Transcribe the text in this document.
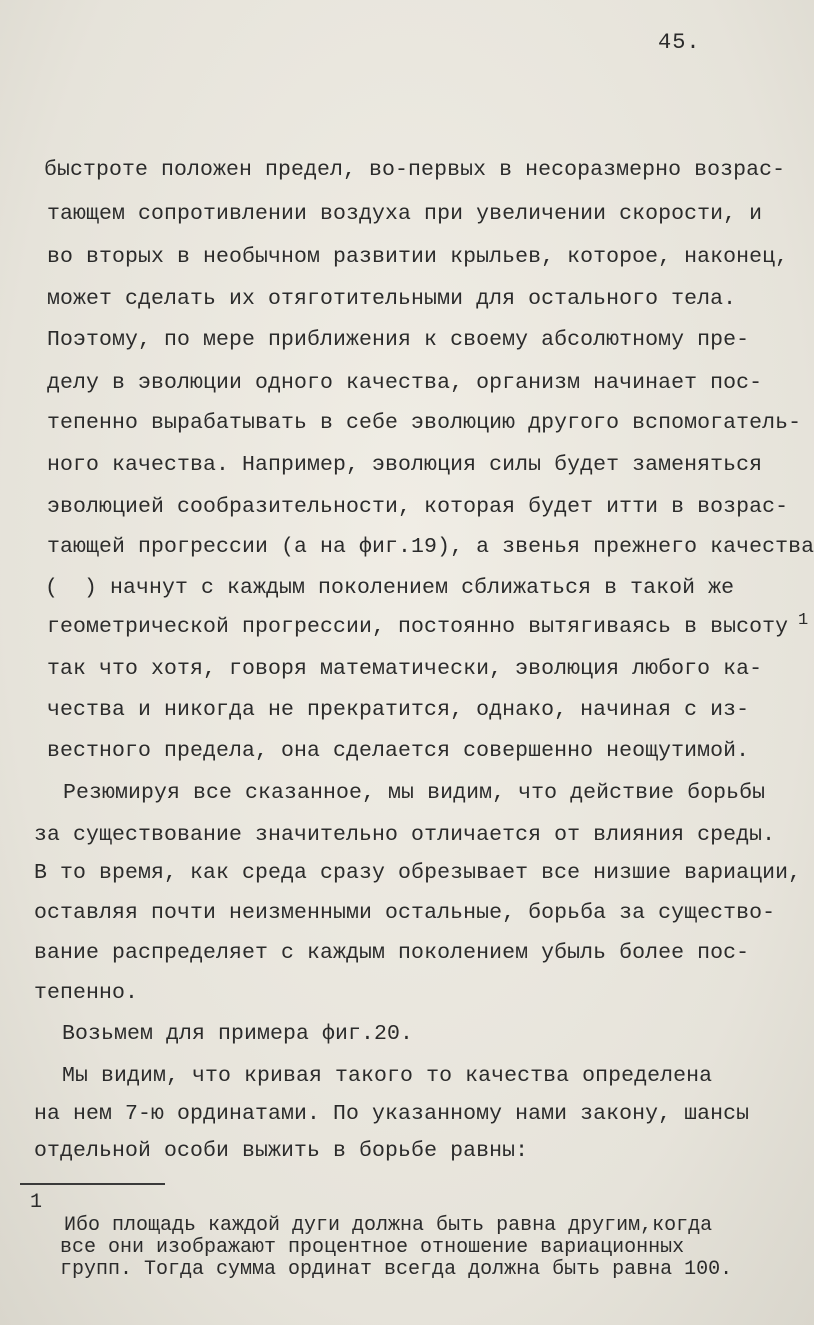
45.
быстроте положен предел, во-первых в несоразмерно возрас-
тающем сопротивлении воздуха при увеличении скорости, и
во вторых в необычном развитии крыльев, которое, наконец,
может сделать их отяготительными для остального тела.
Поэтому, по мере приближения к своему абсолютному пре-
делу в эволюции одного качества, организм начинает пос-
тепенно вырабатывать в себе эволюцию другого вспомогатель-
ного качества. Например, эволюция силы будет заменяться
эволюцией сообразительности, которая будет итти в возрас-
тающей прогрессии (а на фиг.19), а звенья прежнего качества
(  ) начнут с каждым поколением сближаться в такой же
геометрической прогрессии, постоянно вытягиваясь в высоту
так что хотя, говоря математически, эволюция любого ка-
чества и никогда не прекратится, однако, начиная с из-
вестного предела, она сделается совершенно неощутимой.
Резюмируя все сказанное, мы видим, что действие борьбы
за существование значительно отличается от влияния среды.
В то время, как среда сразу обрезывает все низшие вариации,
оставляя почти неизменными остальные, борьба за существо-
вание распределяет с каждым поколением убыль более пос-
тепенно.
Возьмем для примера фиг.20.
Мы видим, что кривая такого то качества определена
на нем 7-ю ординатами. По указанному нами закону, шансы
отдельной особи выжить в борьбе равны:
1
1
Ибо площадь каждой дуги должна быть равна другим,когда
все они изображают процентное отношение вариационных
групп. Тогда сумма ординат всегда должна быть равна 100.
